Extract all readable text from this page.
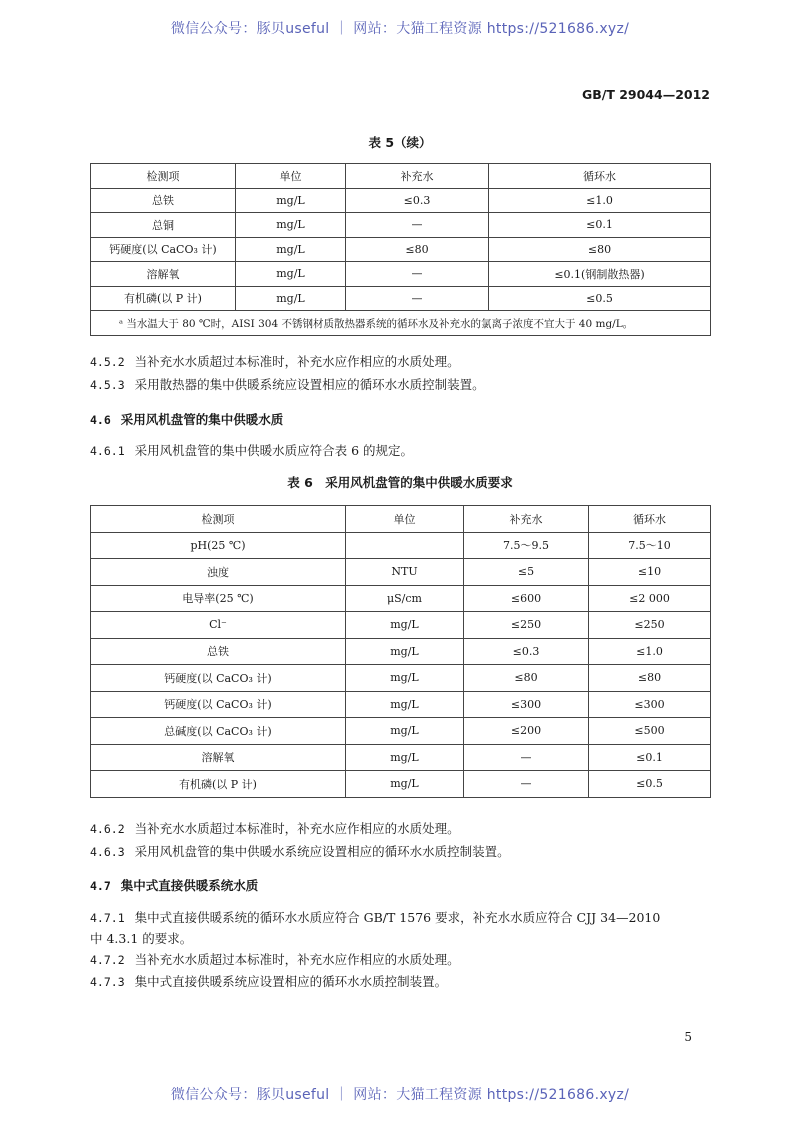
微信公众号：豚贝useful ｜ 网站：大猫工程资源 https://521686.xyz/
GB/T 29044—2012
表 5（续）
检测项	单位	补充水	循环水
总铁	mg/L	≤0.3	≤1.0
总铜	mg/L	—	≤0.1
钙硬度(以 CaCO₃ 计)	mg/L	≤80	≤80
溶解氧	mg/L	—	≤0.1(钢制散热器)
有机磷(以 P 计)	mg/L	—	≤0.5
ᵃ 当水温大于 80 ℃时，AISI 304 不锈钢材质散热器系统的循环水及补充水的氯离子浓度不宜大于 40 mg/L。			
4.5.2 当补充水水质超过本标准时，补充水应作相应的水质处理。
4.5.3 采用散热器的集中供暖系统应设置相应的循环水水质控制装置。
4.6 采用风机盘管的集中供暖水质
4.6.1 采用风机盘管的集中供暖水质应符合表 6 的规定。
表 6　采用风机盘管的集中供暖水质要求
检测项	单位	补充水	循环水
pH(25 ℃)		7.5～9.5	7.5～10
浊度	NTU	≤5	≤10
电导率(25 ℃)	μS/cm	≤600	≤2 000
Cl⁻	mg/L	≤250	≤250
总铁	mg/L	≤0.3	≤1.0
钙硬度(以 CaCO₃ 计)	mg/L	≤80	≤80
钙硬度(以 CaCO₃ 计)	mg/L	≤300	≤300
总碱度(以 CaCO₃ 计)	mg/L	≤200	≤500
溶解氧	mg/L	—	≤0.1
有机磷(以 P 计)	mg/L	—	≤0.5
4.6.2 当补充水水质超过本标准时，补充水应作相应的水质处理。
4.6.3 采用风机盘管的集中供暖水系统应设置相应的循环水水质控制装置。
4.7 集中式直接供暖系统水质
4.7.1 集中式直接供暖系统的循环水水质应符合 GB/T 1576 要求，补充水水质应符合 CJJ 34—2010
中 4.3.1 的要求。
4.7.2 当补充水水质超过本标准时，补充水应作相应的水质处理。
4.7.3 集中式直接供暖系统应设置相应的循环水水质控制装置。
5
微信公众号：豚贝useful ｜ 网站：大猫工程资源 https://521686.xyz/
